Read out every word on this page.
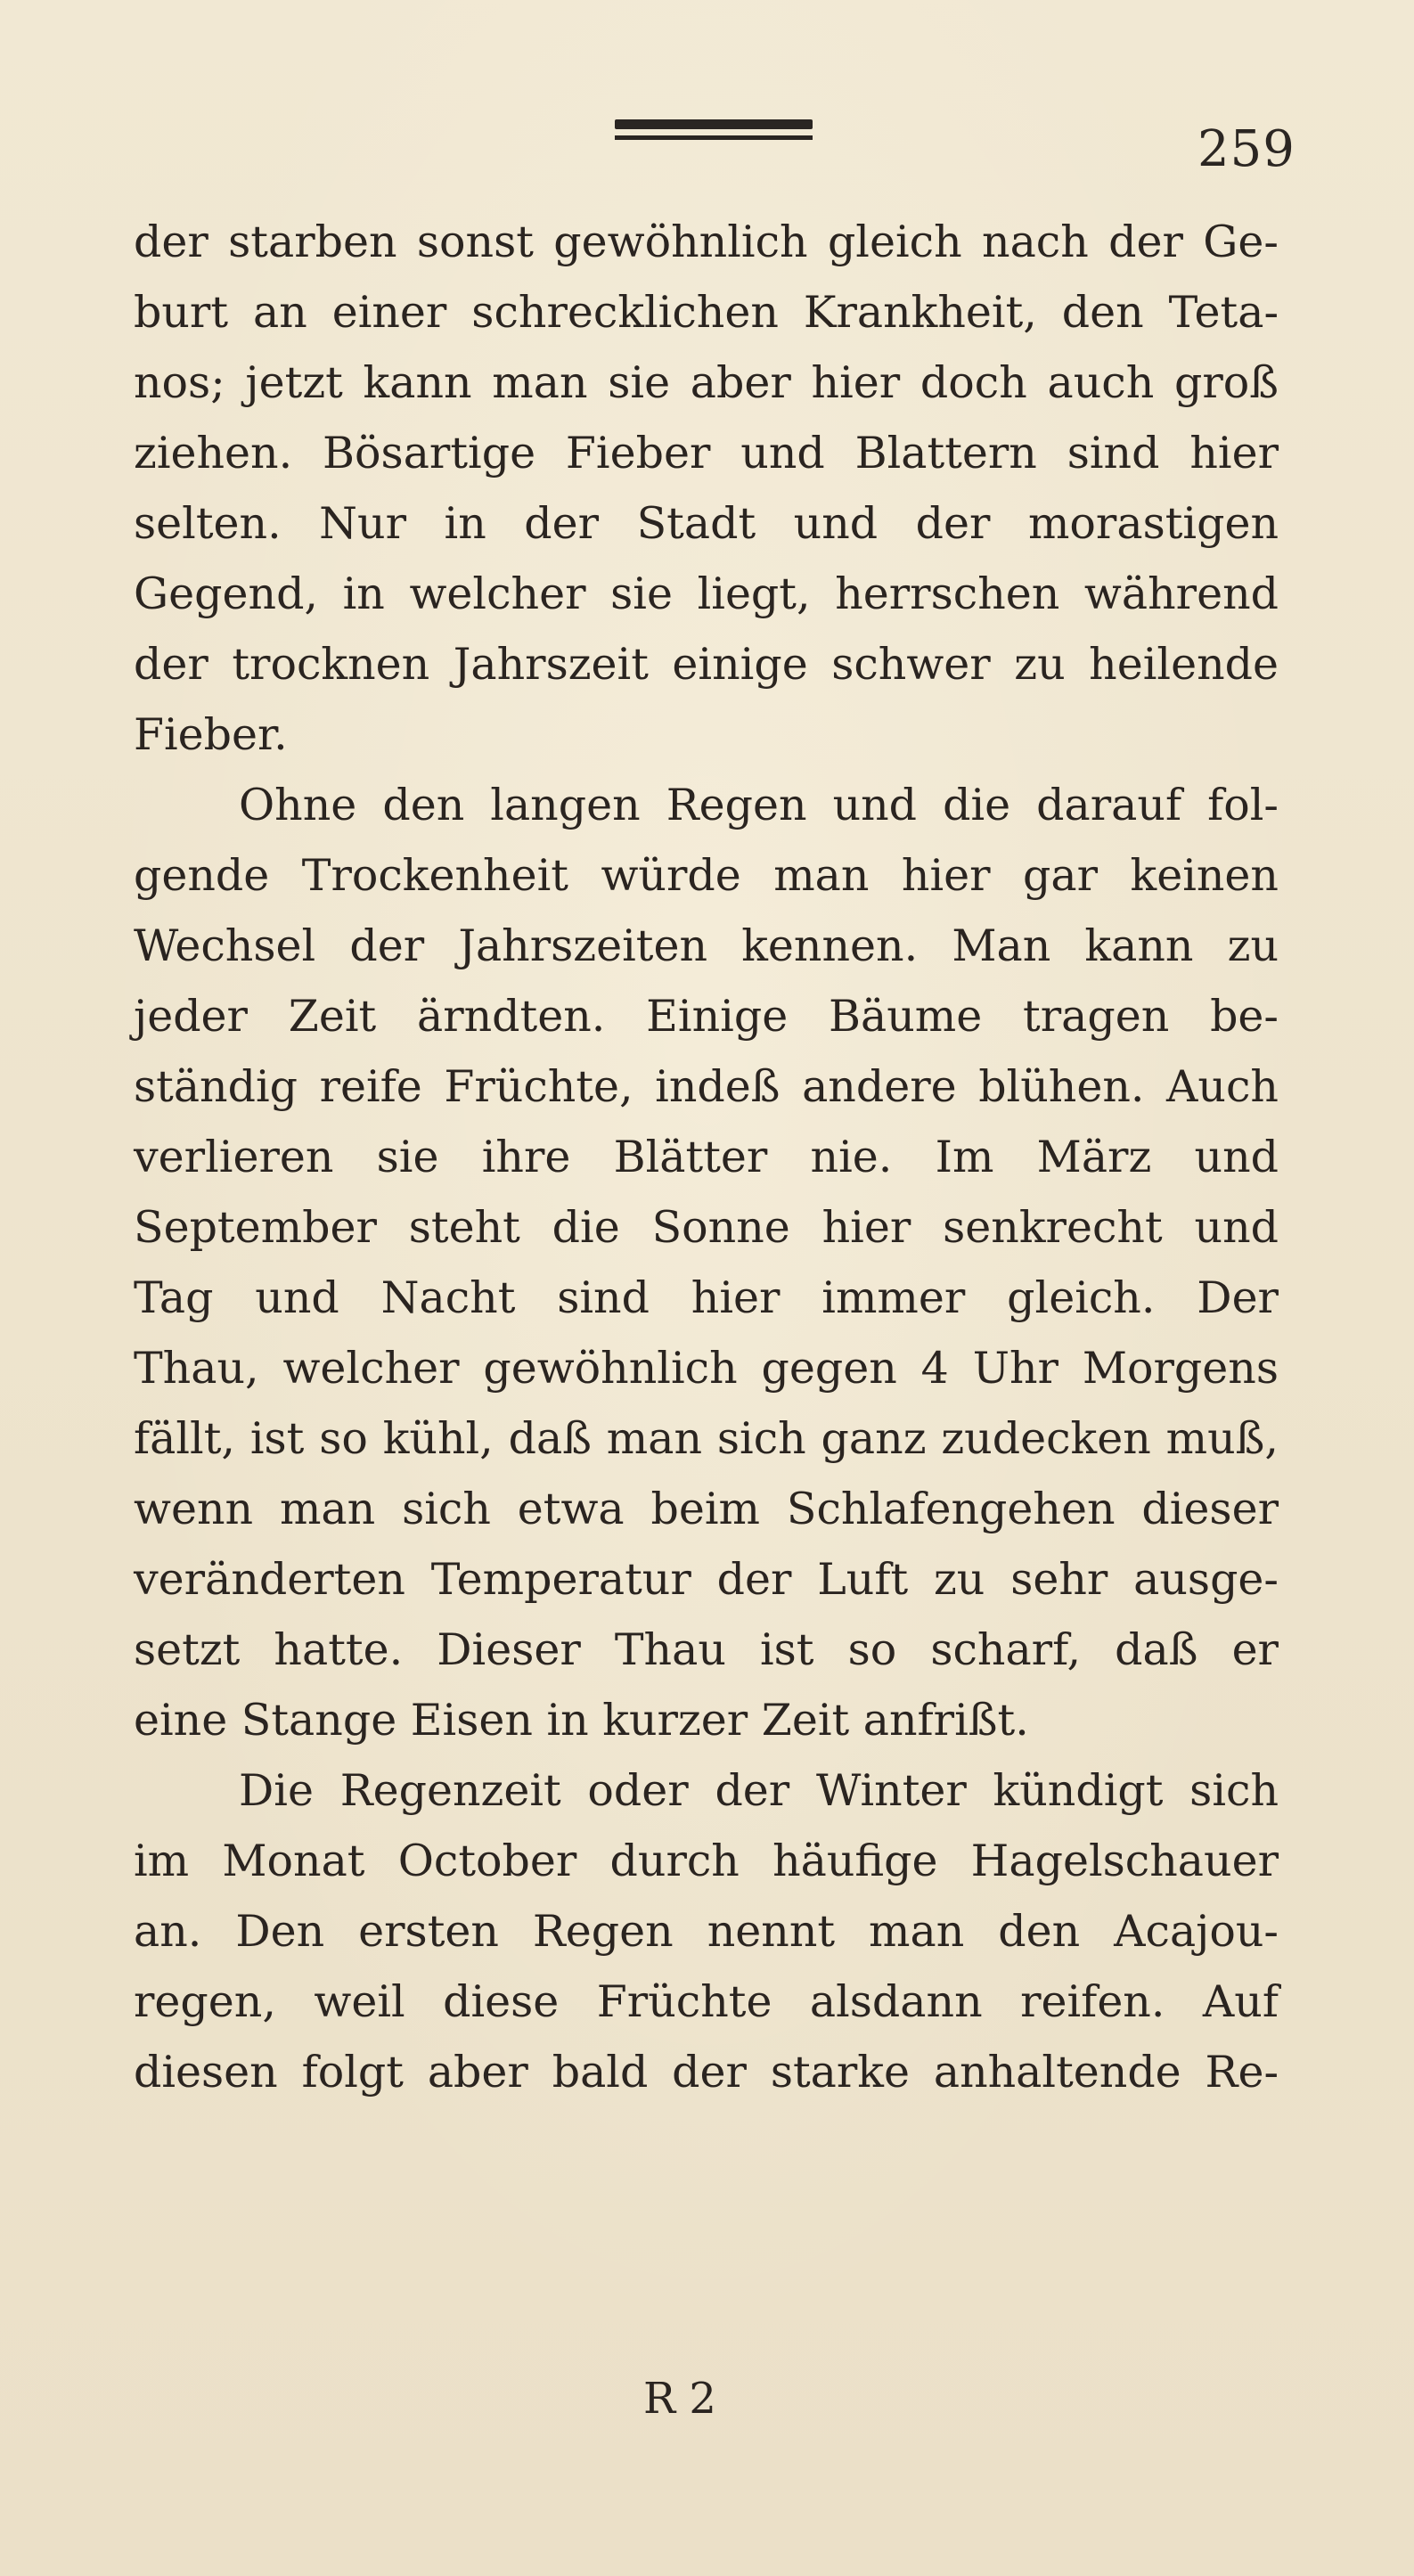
259
der starben sonst gewöhnlich gleich nach der Ge-
burt an einer schrecklichen Krankheit, den Teta-
nos; jetzt kann man sie aber hier doch auch groß
ziehen. Bösartige Fieber und Blattern sind hier
selten. Nur in der Stadt und der morastigen
Gegend, in welcher sie liegt, herrschen während
der trocknen Jahrszeit einige schwer zu heilende
Fieber.
Ohne den langen Regen und die darauf fol-
gende Trockenheit würde man hier gar keinen
Wechsel der Jahrszeiten kennen. Man kann zu
jeder Zeit ärndten. Einige Bäume tragen be-
ständig reife Früchte, indeß andere blühen. Auch
verlieren sie ihre Blätter nie. Im März und
September steht die Sonne hier senkrecht und
Tag und Nacht sind hier immer gleich. Der
Thau, welcher gewöhnlich gegen 4 Uhr Morgens
fällt, ist so kühl, daß man sich ganz zudecken muß,
wenn man sich etwa beim Schlafengehen dieser
veränderten Temperatur der Luft zu sehr ausge-
setzt hatte. Dieser Thau ist so scharf, daß er
eine Stange Eisen in kurzer Zeit anfrißt.
Die Regenzeit oder der Winter kündigt sich
im Monat October durch häufige Hagelschauer
an. Den ersten Regen nennt man den Acajou-
regen, weil diese Früchte alsdann reifen. Auf
diesen folgt aber bald der starke anhaltende Re-
R 2
